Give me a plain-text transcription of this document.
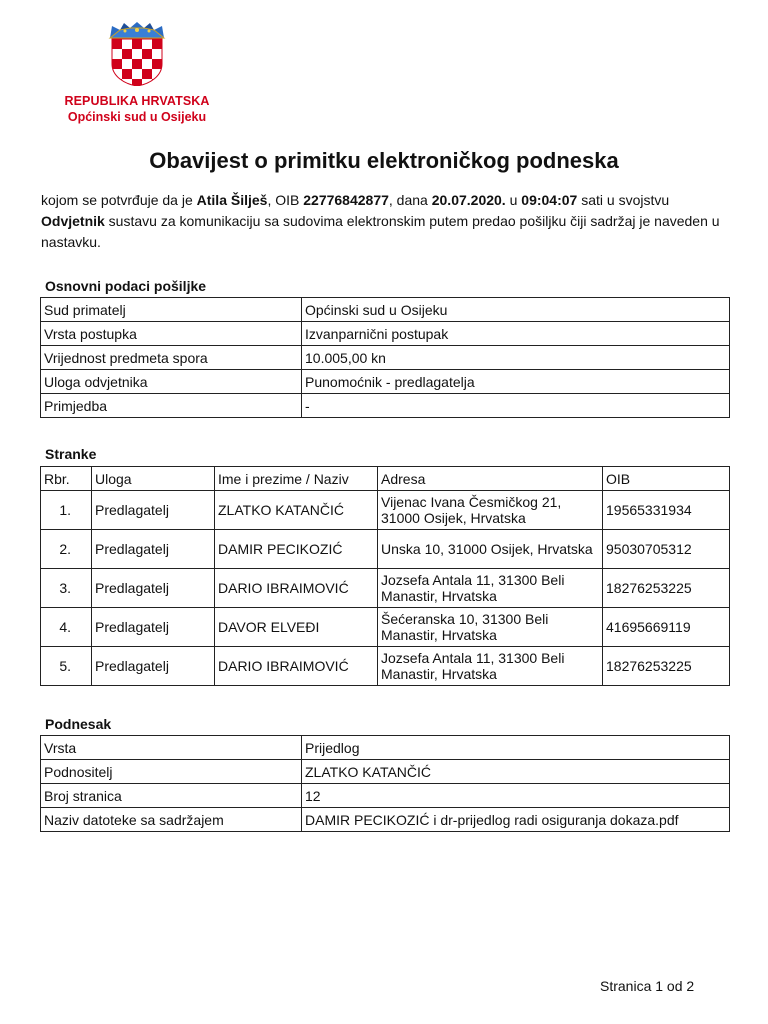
REPUBLIKA HRVATSKA
Općinski sud u Osijeku
Obavijest o primitku elektroničkog podneska
kojom se potvrđuje da je Atila Šilješ, OIB 22776842877, dana 20.07.2020. u 09:04:07 sati u svojstvu Odvjetnik sustavu za komunikaciju sa sudovima elektronskim putem predao pošiljku čiji sadržaj je naveden u nastavku.
Osnovni podaci pošiljke
Sud primatelj	Općinski sud u Osijeku
Vrsta postupka	Izvanparnični postupak
Vrijednost predmeta spora	10.005,00 kn
Uloga odvjetnika	Punomoćnik - predlagatelja
Primjedba	-
Stranke
Rbr.	Uloga	Ime i prezime / Naziv	Adresa	OIB
1.	Predlagatelj	ZLATKO KATANČIĆ	Vijenac Ivana Česmičkog 21, 31000 Osijek, Hrvatska	19565331934
2.	Predlagatelj	DAMIR PECIKOZIĆ	Unska 10, 31000 Osijek, Hrvatska	95030705312
3.	Predlagatelj	DARIO IBRAIMOVIĆ	Jozsefa Antala 11, 31300 Beli Manastir, Hrvatska	18276253225
4.	Predlagatelj	DAVOR ELVEĐI	Šećeranska 10, 31300 Beli Manastir, Hrvatska	41695669119
5.	Predlagatelj	DARIO IBRAIMOVIĆ	Jozsefa Antala 11, 31300 Beli Manastir, Hrvatska	18276253225
Podnesak
Vrsta	Prijedlog
Podnositelj	ZLATKO KATANČIĆ
Broj stranica	12
Naziv datoteke sa sadržajem	DAMIR PECIKOZIĆ i dr-prijedlog radi osiguranja dokaza.pdf
Stranica 1 od 2
